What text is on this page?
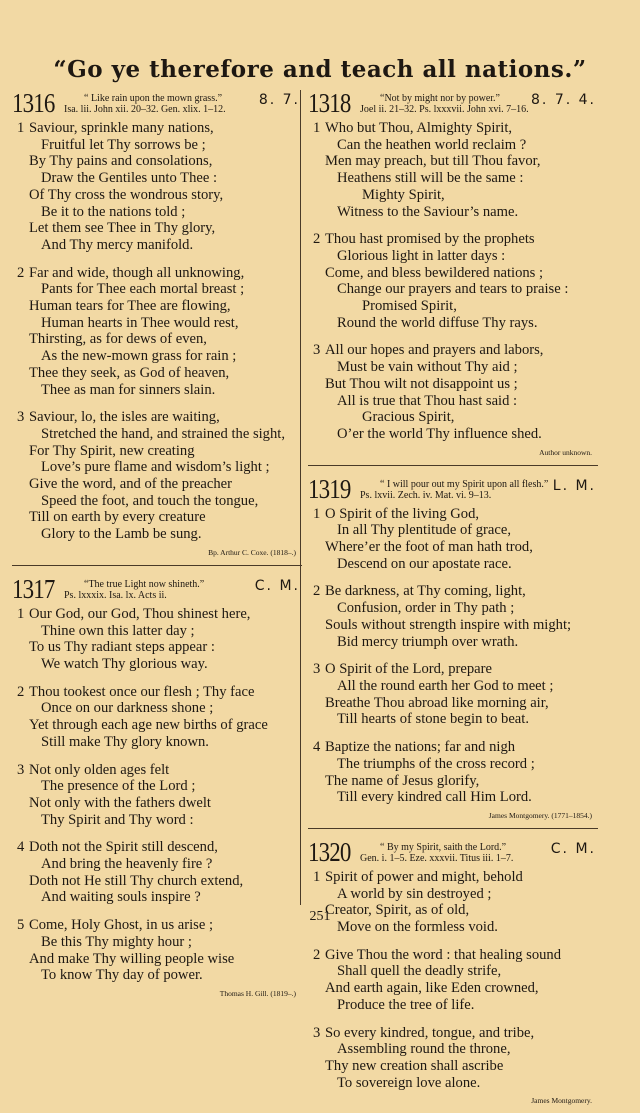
“Go ye therefore and teach all nations.”
1316	“ Like rain upon the mown grass.”
Isa. lii. John xii. 20–32. Gen. xlix. 1–12.
8. 7.
1 Saviour, sprinkle many nations,
Fruitful let Thy sorrows be ;
By Thy pains and consolations,
Draw the Gentiles unto Thee :
Of Thy cross the wondrous story,
Be it to the nations told ;
Let them see Thee in Thy glory,
And Thy mercy manifold.
2 Far and wide, though all unknowing,
Pants for Thee each mortal breast ;
Human tears for Thee are flowing,
Human hearts in Thee would rest,
Thirsting, as for dews of even,
As the new-mown grass for rain ;
Thee they seek, as God of heaven,
Thee as man for sinners slain.
3 Saviour, lo, the isles are waiting,
Stretched the hand, and strained the sight,
For Thy Spirit, new creating
Love’s pure flame and wisdom’s light ;
Give the word, and of the preacher
Speed the foot, and touch the tongue,
Till on earth by every creature
Glory to the Lamb be sung.
Bp. Arthur C. Coxe. (1818–.)
1317	“The true Light now shineth.”
Ps. lxxxix. Isa. lx. Acts ii.
C. M.
1 Our God, our God, Thou shinest here,
Thine own this latter day ;
To us Thy radiant steps appear :
We watch Thy glorious way.
2 Thou tookest once our flesh ; Thy face
Once on our darkness shone ;
Yet through each age new births of grace
Still make Thy glory known.
3 Not only olden ages felt
The presence of the Lord ;
Not only with the fathers dwelt
Thy Spirit and Thy word :
4 Doth not the Spirit still descend,
And bring the heavenly fire ?
Doth not He still Thy church extend,
And waiting souls inspire ?
5 Come, Holy Ghost, in us arise ;
Be this Thy mighty hour ;
And make Thy willing people wise
To know Thy day of power.
Thomas H. Gill. (1819–.)
1318	“Not by might nor by power.”
Joel ii. 21–32. Ps. lxxxvii. John xvi. 7–16.
8. 7. 4.
1 Who but Thou, Almighty Spirit,
Can the heathen world reclaim ?
Men may preach, but till Thou favor,
Heathens still will be the same :
Mighty Spirit,
Witness to the Saviour’s name.
2 Thou hast promised by the prophets
Glorious light in latter days :
Come, and bless bewildered nations ;
Change our prayers and tears to praise :
Promised Spirit,
Round the world diffuse Thy rays.
3 All our hopes and prayers and labors,
Must be vain without Thy aid ;
But Thou wilt not disappoint us ;
All is true that Thou hast said :
Gracious Spirit,
O’er the world Thy influence shed.
Author unknown.
1319	“ I will pour out my Spirit upon all flesh.”
Ps. lxvii. Zech. iv. Mat. vi. 9–13.
L. M.
1 O Spirit of the living God,
In all Thy plentitude of grace,
Where’er the foot of man hath trod,
Descend on our apostate race.
2 Be darkness, at Thy coming, light,
Confusion, order in Thy path ;
Souls without strength inspire with might;
Bid mercy triumph over wrath.
3 O Spirit of the Lord, prepare
All the round earth her God to meet ;
Breathe Thou abroad like morning air,
Till hearts of stone begin to beat.
4 Baptize the nations; far and nigh
The triumphs of the cross record ;
The name of Jesus glorify,
Till every kindred call Him Lord.
James Montgomery. (1771–1854.)
1320	“ By my Spirit, saith the Lord.”
Gen. i. 1–5. Eze. xxxvii. Titus iii. 1–7.
C. M.
1 Spirit of power and might, behold
A world by sin destroyed ;
Creator, Spirit, as of old,
Move on the formless void.
2 Give Thou the word : that healing sound
Shall quell the deadly strife,
And earth again, like Eden crowned,
Produce the tree of life.
3 So every kindred, tongue, and tribe,
Assembling round the throne,
Thy new creation shall ascribe
To sovereign love alone.
James Montgomery.
251
